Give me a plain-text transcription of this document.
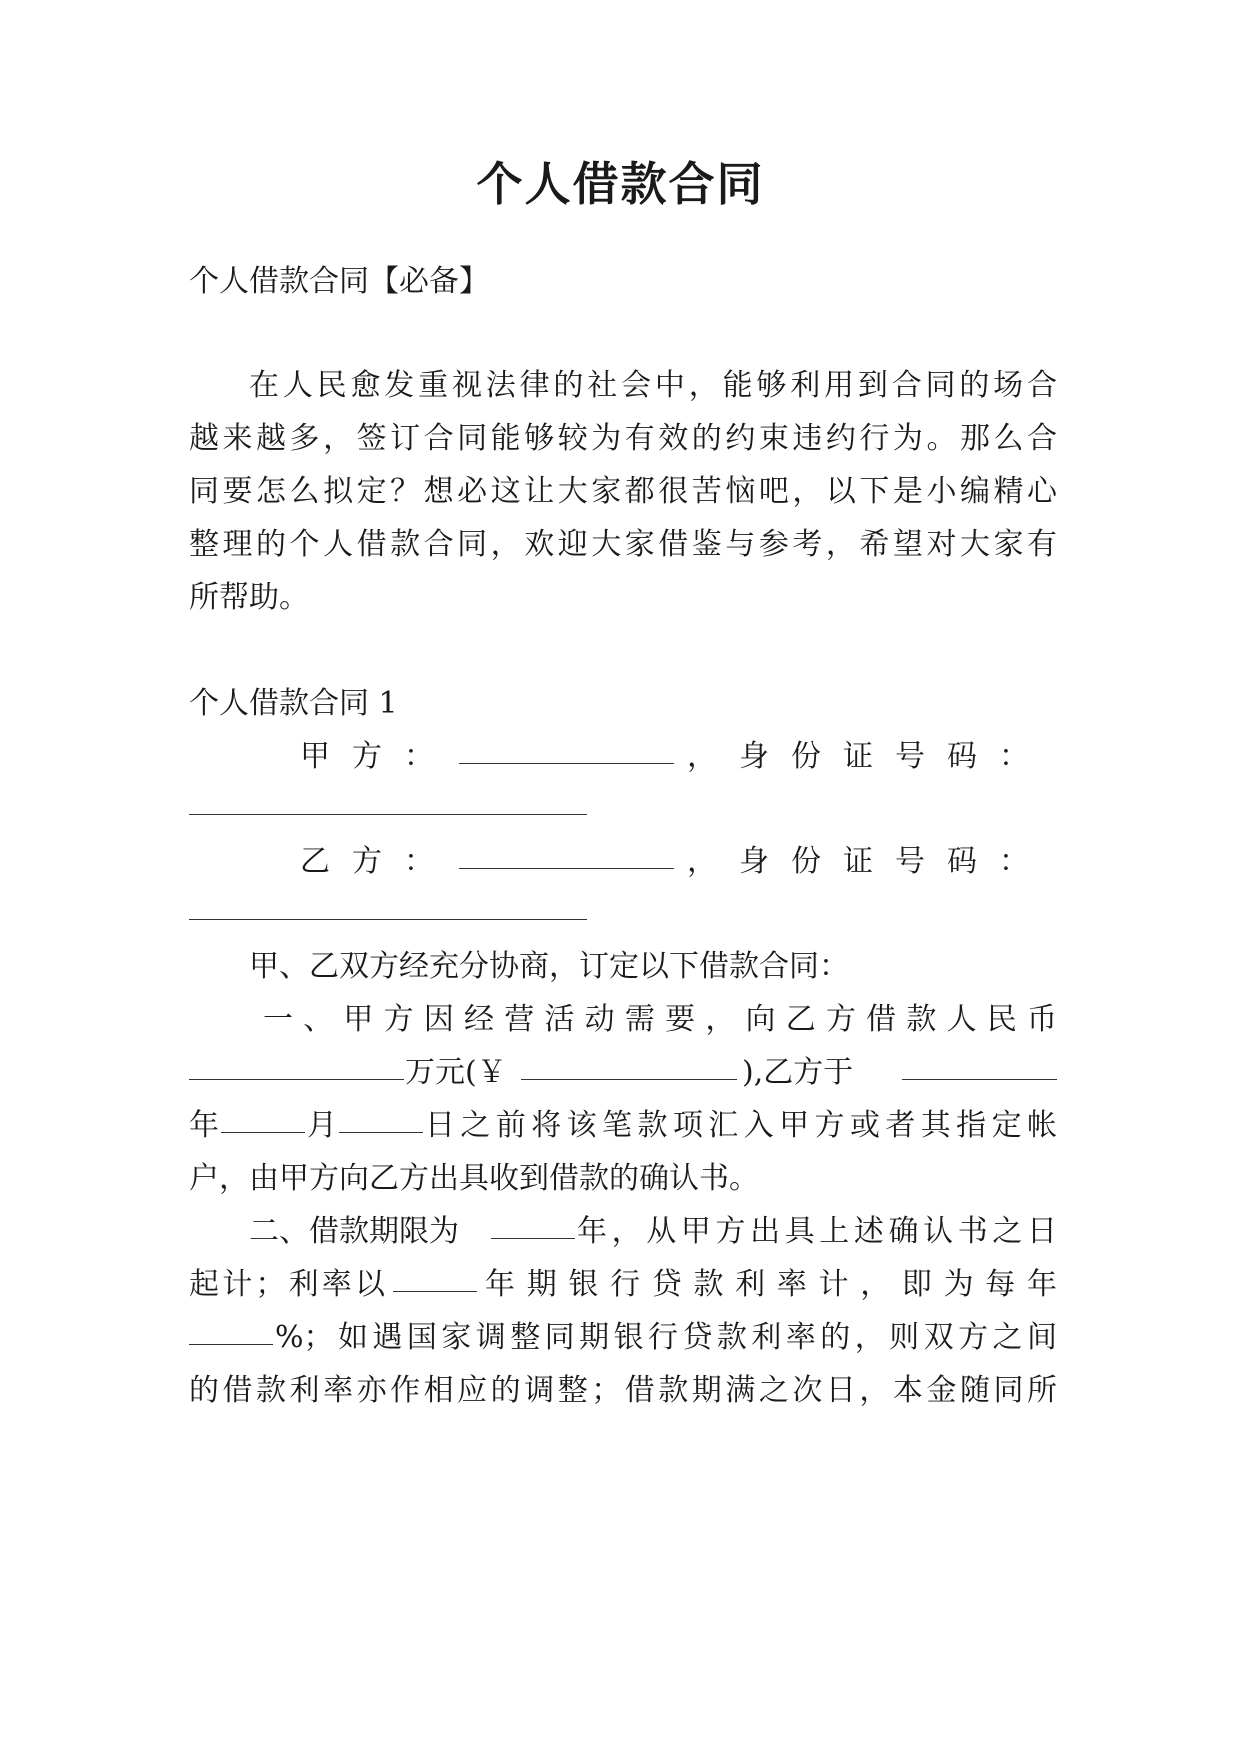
个人借款合同
个人借款合同【必备】
在人民愈发重视法律的社会中，能够利用到合同的场合
越来越多，签订合同能够较为有效的约束违约行为。那么合
同要怎么拟定？想必这让大家都很苦恼吧，以下是小编精心
整理的个人借款合同，欢迎大家借鉴与参考，希望对大家有
所帮助。
个人借款合同 1
甲方：	，身份证号码：
乙方：	，身份证号码：
甲、乙双方经充分协商，订定以下借款合同：
一、甲方因经营活动需要，向乙方借款人民币
万元(￥	),乙方于
年	月	日之前将该笔款项汇入甲方或者其指定帐
户，由甲方向乙方出具收到借款的确认书。
二、借款期限为	年，从甲方出具上述确认书之日
起计；利率以	年期银行贷款利率计，即为每年
%；如遇国家调整同期银行贷款利率的，则双方之间
的借款利率亦作相应的调整；借款期满之次日，本金随同所
